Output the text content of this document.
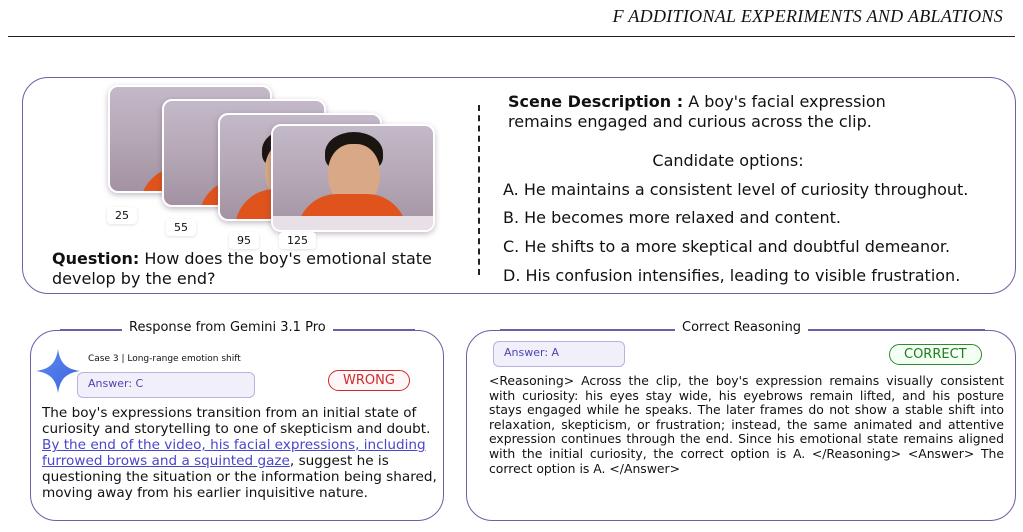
F ADDITIONAL EXPERIMENTS AND ABLATIONS
25
55
95	125
Question: How does the boy's emotional state develop by the end?
Scene Description : A boy's facial expression remains engaged and curious across the clip.
Candidate options:
A. He maintains a consistent level of curiosity throughout.
B. He becomes more relaxed and content.
C. He shifts to a more skeptical and doubtful demeanor.
D. His confusion intensifies, leading to visible frustration.
Response from Gemini 3.1 Pro
Case 3 | Long-range emotion shift
Answer: C	WRONG
The boy's expressions transition from an initial state of curiosity and storytelling to one of skepticism and doubt. By the end of the video, his facial expressions, including furrowed brows and a squinted gaze, suggest he is questioning the situation or the information being shared, moving away from his earlier inquisitive nature.
Correct Reasoning
Answer: A	CORRECT
<Reasoning> Across the clip, the boy's expression remains visually consistent with curiosity: his eyes stay wide, his eyebrows remain lifted, and his posture stays engaged while he speaks. The later frames do not show a stable shift into relaxation, skepticism, or frustration; instead, the same animated and attentive expression continues through the end. Since his emotional state remains aligned with the initial curiosity, the correct option is A. </Reasoning> <Answer> The correct option is A. </Answer>
